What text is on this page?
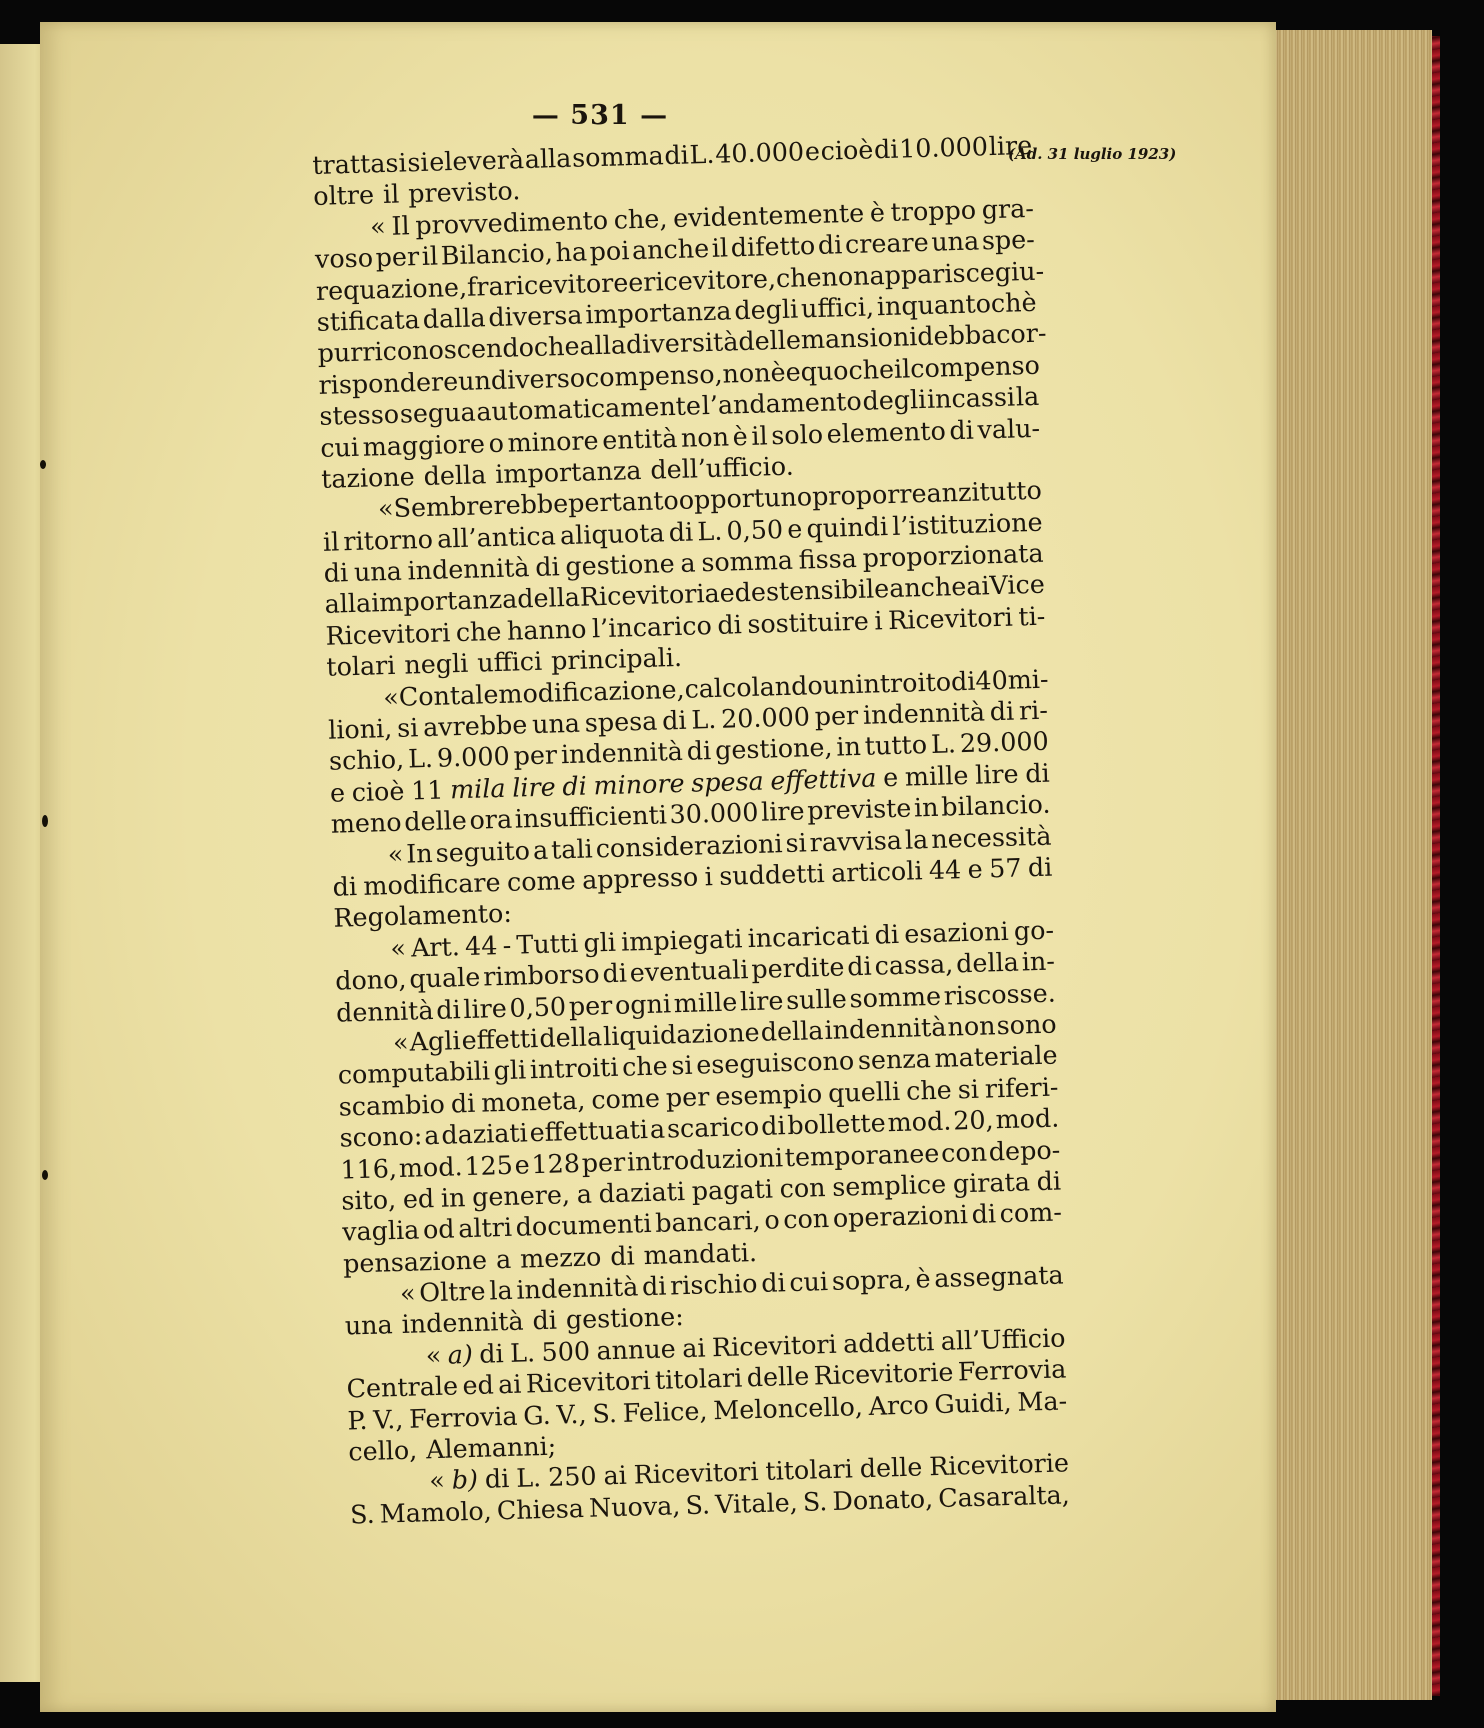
— 531 —
(Ad. 31 luglio 1923)
trattasi si eleverà alla somma di L. 40.000 e cioè di 10.000 lire
oltre il previsto.
« Il provvedimento che, evidentemente è troppo gra-
voso per il Bilancio, ha poi anche il difetto di creare una spe-
requazione, fra ricevitore e ricevitore, che non apparisce giu-
stificata dalla diversa importanza degli uffici, inquantochè
pur riconoscendo che alla diversità delle mansioni debba cor-
rispondere un diverso compenso, non è equo che il compenso
stesso segua automaticamente l’andamento degli incassi la
cui maggiore o minore entità non è il solo elemento di valu-
tazione della importanza dell’ufficio.
« Sembrerebbe pertanto opportuno proporre anzitutto
il ritorno all’antica aliquota di L. 0,50 e quindi l’istituzione
di una indennità di gestione a somma fissa proporzionata
alla importanza della Ricevitoria ed estensibile anche ai Vice
Ricevitori che hanno l’incarico di sostituire i Ricevitori ti-
tolari negli uffici principali.
« Con tale modificazione, calcolando un introito di 40 mi-
lioni, si avrebbe una spesa di L. 20.000 per indennità di ri-
schio, L. 9.000 per indennità di gestione, in tutto L. 29.000
e cioè 11 mila lire di minore spesa effettiva e mille lire di
meno delle ora insufficienti 30.000 lire previste in bilancio.
« In seguito a tali considerazioni si ravvisa la necessità
di modificare come appresso i suddetti articoli 44 e 57 di
Regolamento:
« Art. 44 - Tutti gli impiegati incaricati di esazioni go-
dono, quale rimborso di eventuali perdite di cassa, della in-
dennità di lire 0,50 per ogni mille lire sulle somme riscosse.
« Agli effetti della liquidazione della indennità non sono
computabili gli introiti che si eseguiscono senza materiale
scambio di moneta, come per esempio quelli che si riferi-
scono: a daziati effettuati a scarico di bollette mod. 20, mod.
116, mod. 125 e 128 per introduzioni temporanee con depo-
sito, ed in genere, a daziati pagati con semplice girata di
vaglia od altri documenti bancari, o con operazioni di com-
pensazione a mezzo di mandati.
« Oltre la indennità di rischio di cui sopra, è assegnata
una indennità di gestione:
« a) di L. 500 annue ai Ricevitori addetti all’Ufficio
Centrale ed ai Ricevitori titolari delle Ricevitorie Ferrovia
P. V., Ferrovia G. V., S. Felice, Meloncello, Arco Guidi, Ma-
cello, Alemanni;
« b) di L. 250 ai Ricevitori titolari delle Ricevitorie
S. Mamolo, Chiesa Nuova, S. Vitale, S. Donato, Casaralta,
